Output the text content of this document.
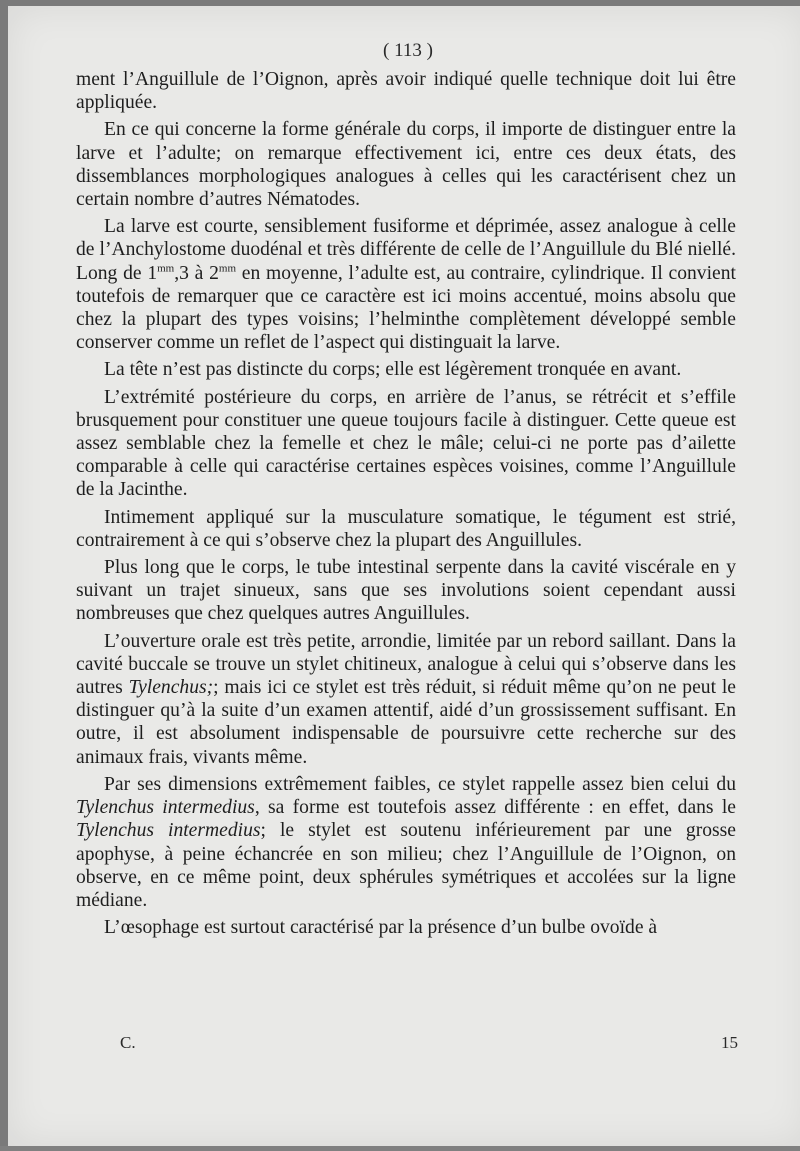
( 113 )

ment l’Anguillule de l’Oignon, après avoir indiqué quelle technique doit lui être appliquée.

En ce qui concerne la forme générale du corps, il importe de distinguer entre la larve et l’adulte; on remarque effectivement ici, entre ces deux états, des dissemblances morphologiques analogues à celles qui les caractérisent chez un certain nombre d’autres Nématodes.

La larve est courte, sensiblement fusiforme et déprimée, assez analogue à celle de l’Anchylostome duodénal et très différente de celle de l’Anguillule du Blé niellé. Long de $1^{mm},3$ à $2^{mm}$ en moyenne, l’adulte est, au contraire, cylindrique. Il convient toutefois de remarquer que ce caractère est ici moins accentué, moins absolu que chez la plupart des types voisins; l’helminthe complètement développé semble conserver comme un reflet de l’aspect qui distinguait la larve.

La tête n’est pas distincte du corps; elle est légèrement tronquée en avant.

L’extrémité postérieure du corps, en arrière de l’anus, se rétrécit et s’effile brusquement pour constituer une queue toujours facile à distinguer. Cette queue est assez semblable chez la femelle et chez le mâle; celui-ci ne porte pas d’ailette comparable à celle qui caractérise certaines espèces voisines, comme l’Anguillule de la Jacinthe.

Intimement appliqué sur la musculature somatique, le tégument est strié, contrairement à ce qui s’observe chez la plupart des Anguillules.

Plus long que le corps, le tube intestinal serpente dans la cavité viscérale en y suivant un trajet sinueux, sans que ses involutions soient cependant aussi nombreuses que chez quelques autres Anguillules.

L’ouverture orale est très petite, arrondie, limitée par un rebord saillant. Dans la cavité buccale se trouve un stylet chitineux, analogue à celui qui s’observe dans les autres Tylenchus;; mais ici ce stylet est très réduit, si réduit même qu’on ne peut le distinguer qu’à la suite d’un examen attentif, aidé d’un grossissement suffisant. En outre, il est absolument indispensable de poursuivre cette recherche sur des animaux frais, vivants même.

Par ses dimensions extrêmement faibles, ce stylet rappelle assez bien celui du Tylenchus intermedius, sa forme est toutefois assez différente : en effet, dans le Tylenchus intermedius; le stylet est soutenu inférieurement par une grosse apophyse, à peine échancrée en son milieu; chez l’Anguillule de l’Oignon, on observe, en ce même point, deux sphérules symétriques et accolées sur la ligne médiane.

L’œsophage est surtout caractérisé par la présence d’un bulbe ovoïde à

C.	15
